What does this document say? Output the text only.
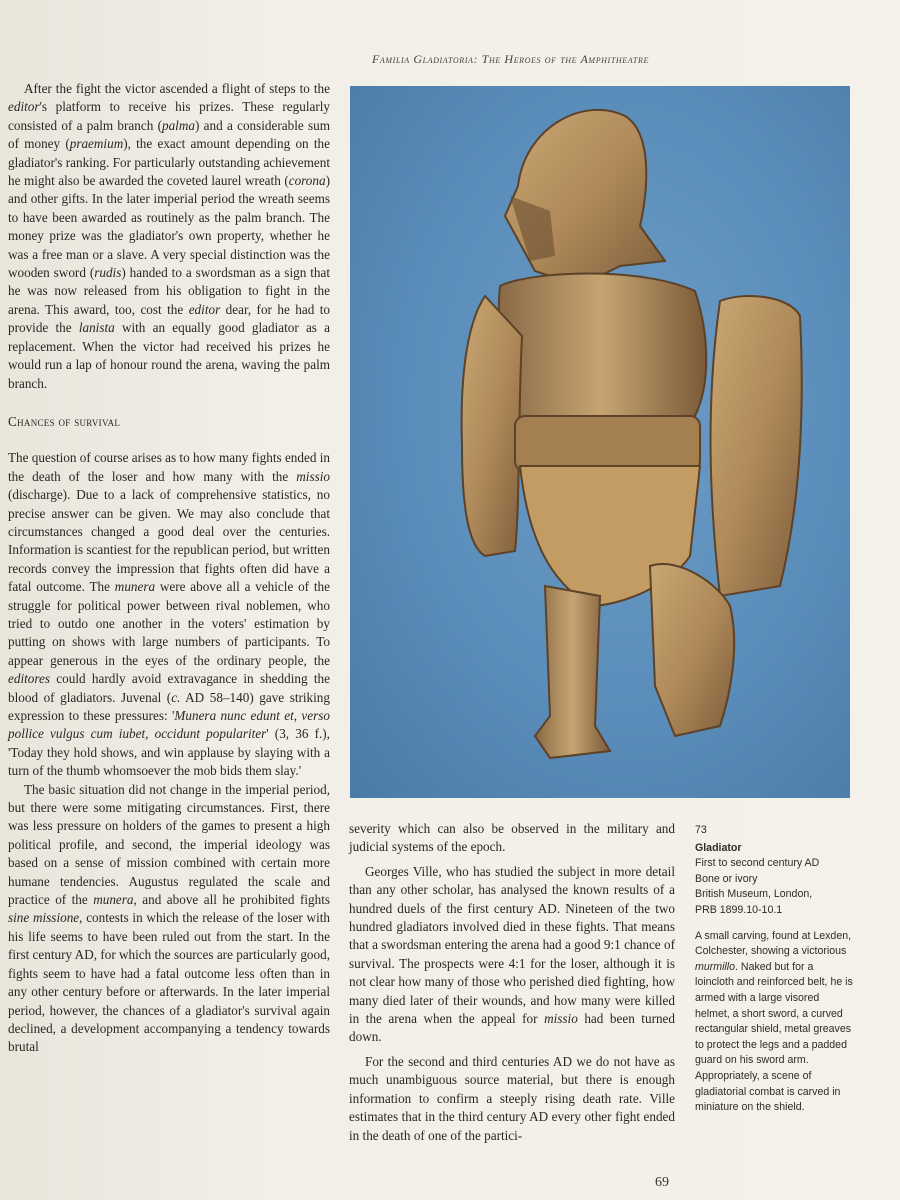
Familia Gladiatoria: The Heroes of the Amphitheatre

After the fight the victor ascended a flight of steps to the editor's platform to receive his prizes. These regularly consisted of a palm branch (palma) and a considerable sum of money (praemium), the exact amount depending on the gladiator's ranking. For particularly outstanding achievement he might also be awarded the coveted laurel wreath (corona) and other gifts. In the later imperial period the wreath seems to have been awarded as routinely as the palm branch. The money prize was the gladiator's own property, whether he was a free man or a slave. A very special distinction was the wooden sword (rudis) handed to a swordsman as a sign that he was now released from his obligation to fight in the arena. This award, too, cost the editor dear, for he had to provide the lanista with an equally good gladiator as a replacement. When the victor had received his prizes he would run a lap of honour round the arena, waving the palm branch.

Chances of survival

The question of course arises as to how many fights ended in the death of the loser and how many with the missio (discharge). Due to a lack of comprehensive statistics, no precise answer can be given. We may also conclude that circumstances changed a good deal over the centuries. Information is scantiest for the republican period, but written records convey the impression that fights often did have a fatal outcome. The munera were above all a vehicle of the struggle for political power between rival noblemen, who tried to outdo one another in the voters' estimation by putting on shows with large numbers of participants. To appear generous in the eyes of the ordinary people, the editores could hardly avoid extravagance in shedding the blood of gladiators. Juvenal (c. AD 58–140) gave striking expression to these pressures: 'Munera nunc edunt et, verso pollice vulgus cum iubet, occidunt populariter' (3, 36 f.), 'Today they hold shows, and win applause by slaying with a turn of the thumb whomsoever the mob bids them slay.'

The basic situation did not change in the imperial period, but there were some mitigating circumstances. First, there was less pressure on holders of the games to present a high political profile, and second, the imperial ideology was based on a sense of mission combined with certain more humane tendencies. Augustus regulated the scale and practice of the munera, and above all he prohibited fights sine missione, contests in which the release of the loser with his life seems to have been ruled out from the start. In the first century AD, for which the sources are particularly good, fights seem to have had a fatal outcome less often than in any other century before or afterwards. In the later imperial period, however, the chances of a gladiator's survival again declined, a development accompanying a tendency towards brutal

severity which can also be observed in the military and judicial systems of the epoch.

Georges Ville, who has studied the subject in more detail than any other scholar, has analysed the known results of a hundred duels of the first century AD. Nineteen of the two hundred gladiators involved died in these fights. That means that a swordsman entering the arena had a good 9:1 chance of survival. The prospects were 4:1 for the loser, although it is not clear how many of those who perished died fighting, how many died later of their wounds, and how many were killed in the arena when the appeal for missio had been turned down.

For the second and third centuries AD we do not have as much unambiguous source material, but there is enough information to confirm a steeply rising death rate. Ville estimates that in the third century AD every other fight ended in the death of one of the partici-

73
Gladiator
First to second century AD
Bone or ivory
British Museum, London,
PRB 1899.10-10.1
A small carving, found at Lexden, Colchester, showing a victorious murmillo. Naked but for a loincloth and reinforced belt, he is armed with a large visored helmet, a short sword, a curved rectangular shield, metal greaves to protect the legs and a padded guard on his sword arm. Appropriately, a scene of gladiatorial combat is carved in miniature on the shield.
69
